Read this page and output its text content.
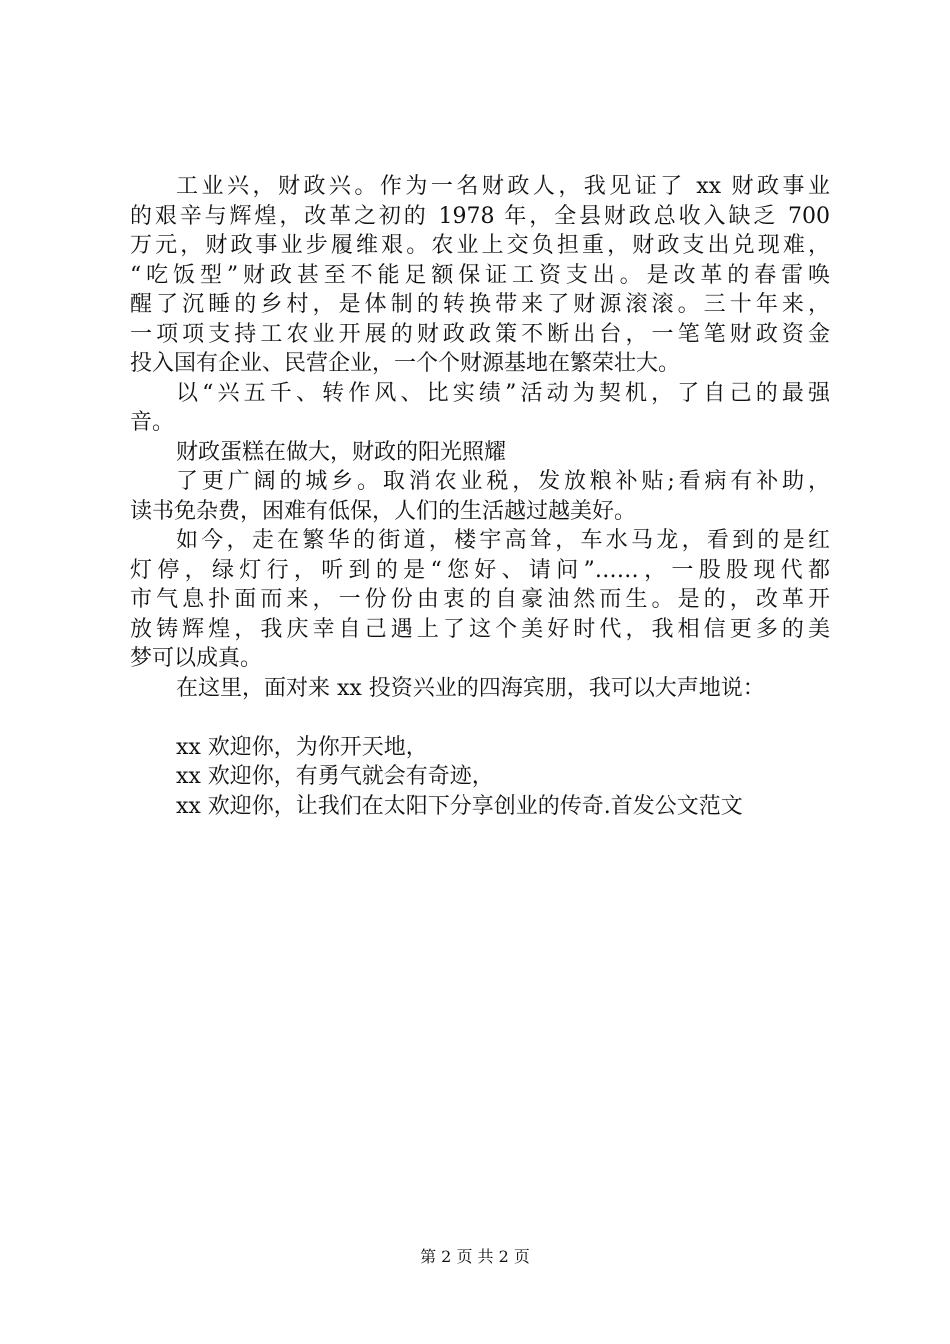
工业兴，财政兴。作为一名财政人，我见证了 xx 财政事业
的艰辛与辉煌，改革之初的 1978 年，全县财政总收入缺乏 700
万元，财政事业步履维艰。农业上交负担重，财政支出兑现难，
“吃饭型”财政甚至不能足额保证工资支出。是改革的春雷唤
醒了沉睡的乡村，是体制的转换带来了财源滚滚。三十年来，
一项项支持工农业开展的财政政策不断出台，一笔笔财政资金
投入国有企业、民营企业，一个个财源基地在繁荣壮大。
以“兴五千、转作风、比实绩”活动为契机，了自己的最强
音。
财政蛋糕在做大，财政的阳光照耀
了更广阔的城乡。取消农业税，发放粮补贴;看病有补助，
读书免杂费，困难有低保，人们的生活越过越美好。
如今，走在繁华的街道，楼宇高耸，车水马龙，看到的是红
灯停，绿灯行，听到的是“您好、请问”……，一股股现代都
市气息扑面而来，一份份由衷的自豪油然而生。是的，改革开
放铸辉煌，我庆幸自己遇上了这个美好时代，我相信更多的美
梦可以成真。
在这里，面对来 xx 投资兴业的四海宾朋，我可以大声地说：
xx 欢迎你，为你开天地，
xx 欢迎你，有勇气就会有奇迹，
xx 欢迎你，让我们在太阳下分享创业的传奇.首发公文范文
第 2 页 共 2 页
